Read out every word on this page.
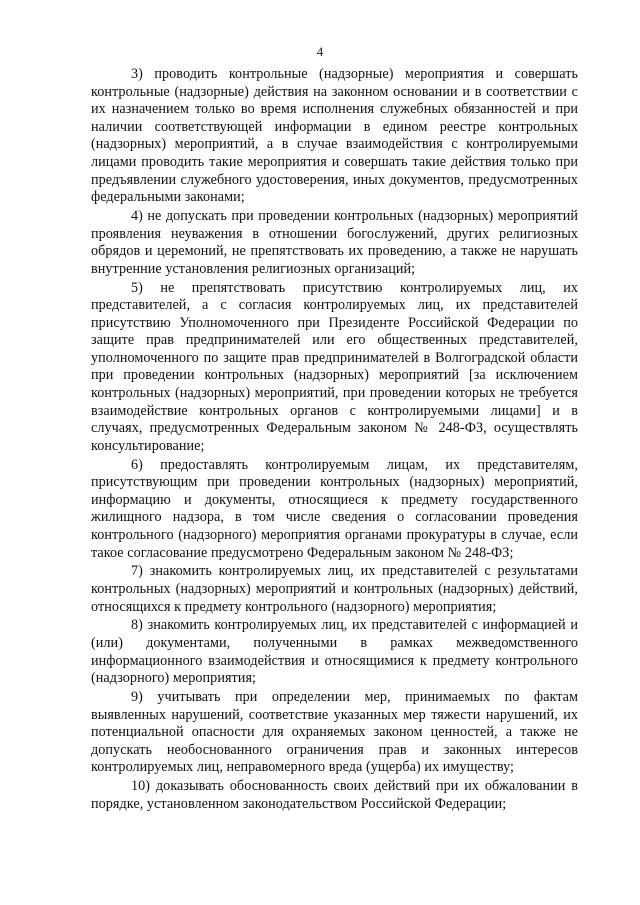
4

3) проводить контрольные (надзорные) мероприятия и совершать контрольные (надзорные) действия на законном основании и в соответствии с их назначением только во время исполнения служебных обязанностей и при наличии соответствующей информации в едином реестре контрольных (надзорных) мероприятий, а в случае взаимодействия с контролируемыми лицами проводить такие мероприятия и совершать такие действия только при предъявлении служебного удостоверения, иных документов, предусмотренных федеральными законами;

4) не допускать при проведении контрольных (надзорных) мероприятий проявления неуважения в отношении богослужений, других религиозных обрядов и церемоний, не препятствовать их проведению, а также не нарушать внутренние установления религиозных организаций;

5) не препятствовать присутствию контролируемых лиц, их представителей, а с согласия контролируемых лиц, их представителей присутствию Уполномоченного при Президенте Российской Федерации по защите прав предпринимателей или его общественных представителей, уполномоченного по защите прав предпринимателей в Волгоградской области при проведении контрольных (надзорных) мероприятий [за исключением контрольных (надзорных) мероприятий, при проведении которых не требуется взаимодействие контрольных органов с контролируемыми лицами] и в случаях, предусмотренных Федеральным законом № 248-ФЗ, осуществлять консультирование;

6) предоставлять контролируемым лицам, их представителям, присутствующим при проведении контрольных (надзорных) мероприятий, информацию и документы, относящиеся к предмету государственного жилищного надзора, в том числе сведения о согласовании проведения контрольного (надзорного) мероприятия органами прокуратуры в случае, если такое согласование предусмотрено Федеральным законом № 248-ФЗ;

7) знакомить контролируемых лиц, их представителей с результатами контрольных (надзорных) мероприятий и контрольных (надзорных) действий, относящихся к предмету контрольного (надзорного) мероприятия;

8) знакомить контролируемых лиц, их представителей с информацией и (или) документами, полученными в рамках межведомственного информационного взаимодействия и относящимися к предмету контрольного (надзорного) мероприятия;

9) учитывать при определении мер, принимаемых по фактам выявленных нарушений, соответствие указанных мер тяжести нарушений, их потенциальной опасности для охраняемых законом ценностей, а также не допускать необоснованного ограничения прав и законных интересов контролируемых лиц, неправомерного вреда (ущерба) их имуществу;

10) доказывать обоснованность своих действий при их обжаловании в порядке, установленном законодательством Российской Федерации;
